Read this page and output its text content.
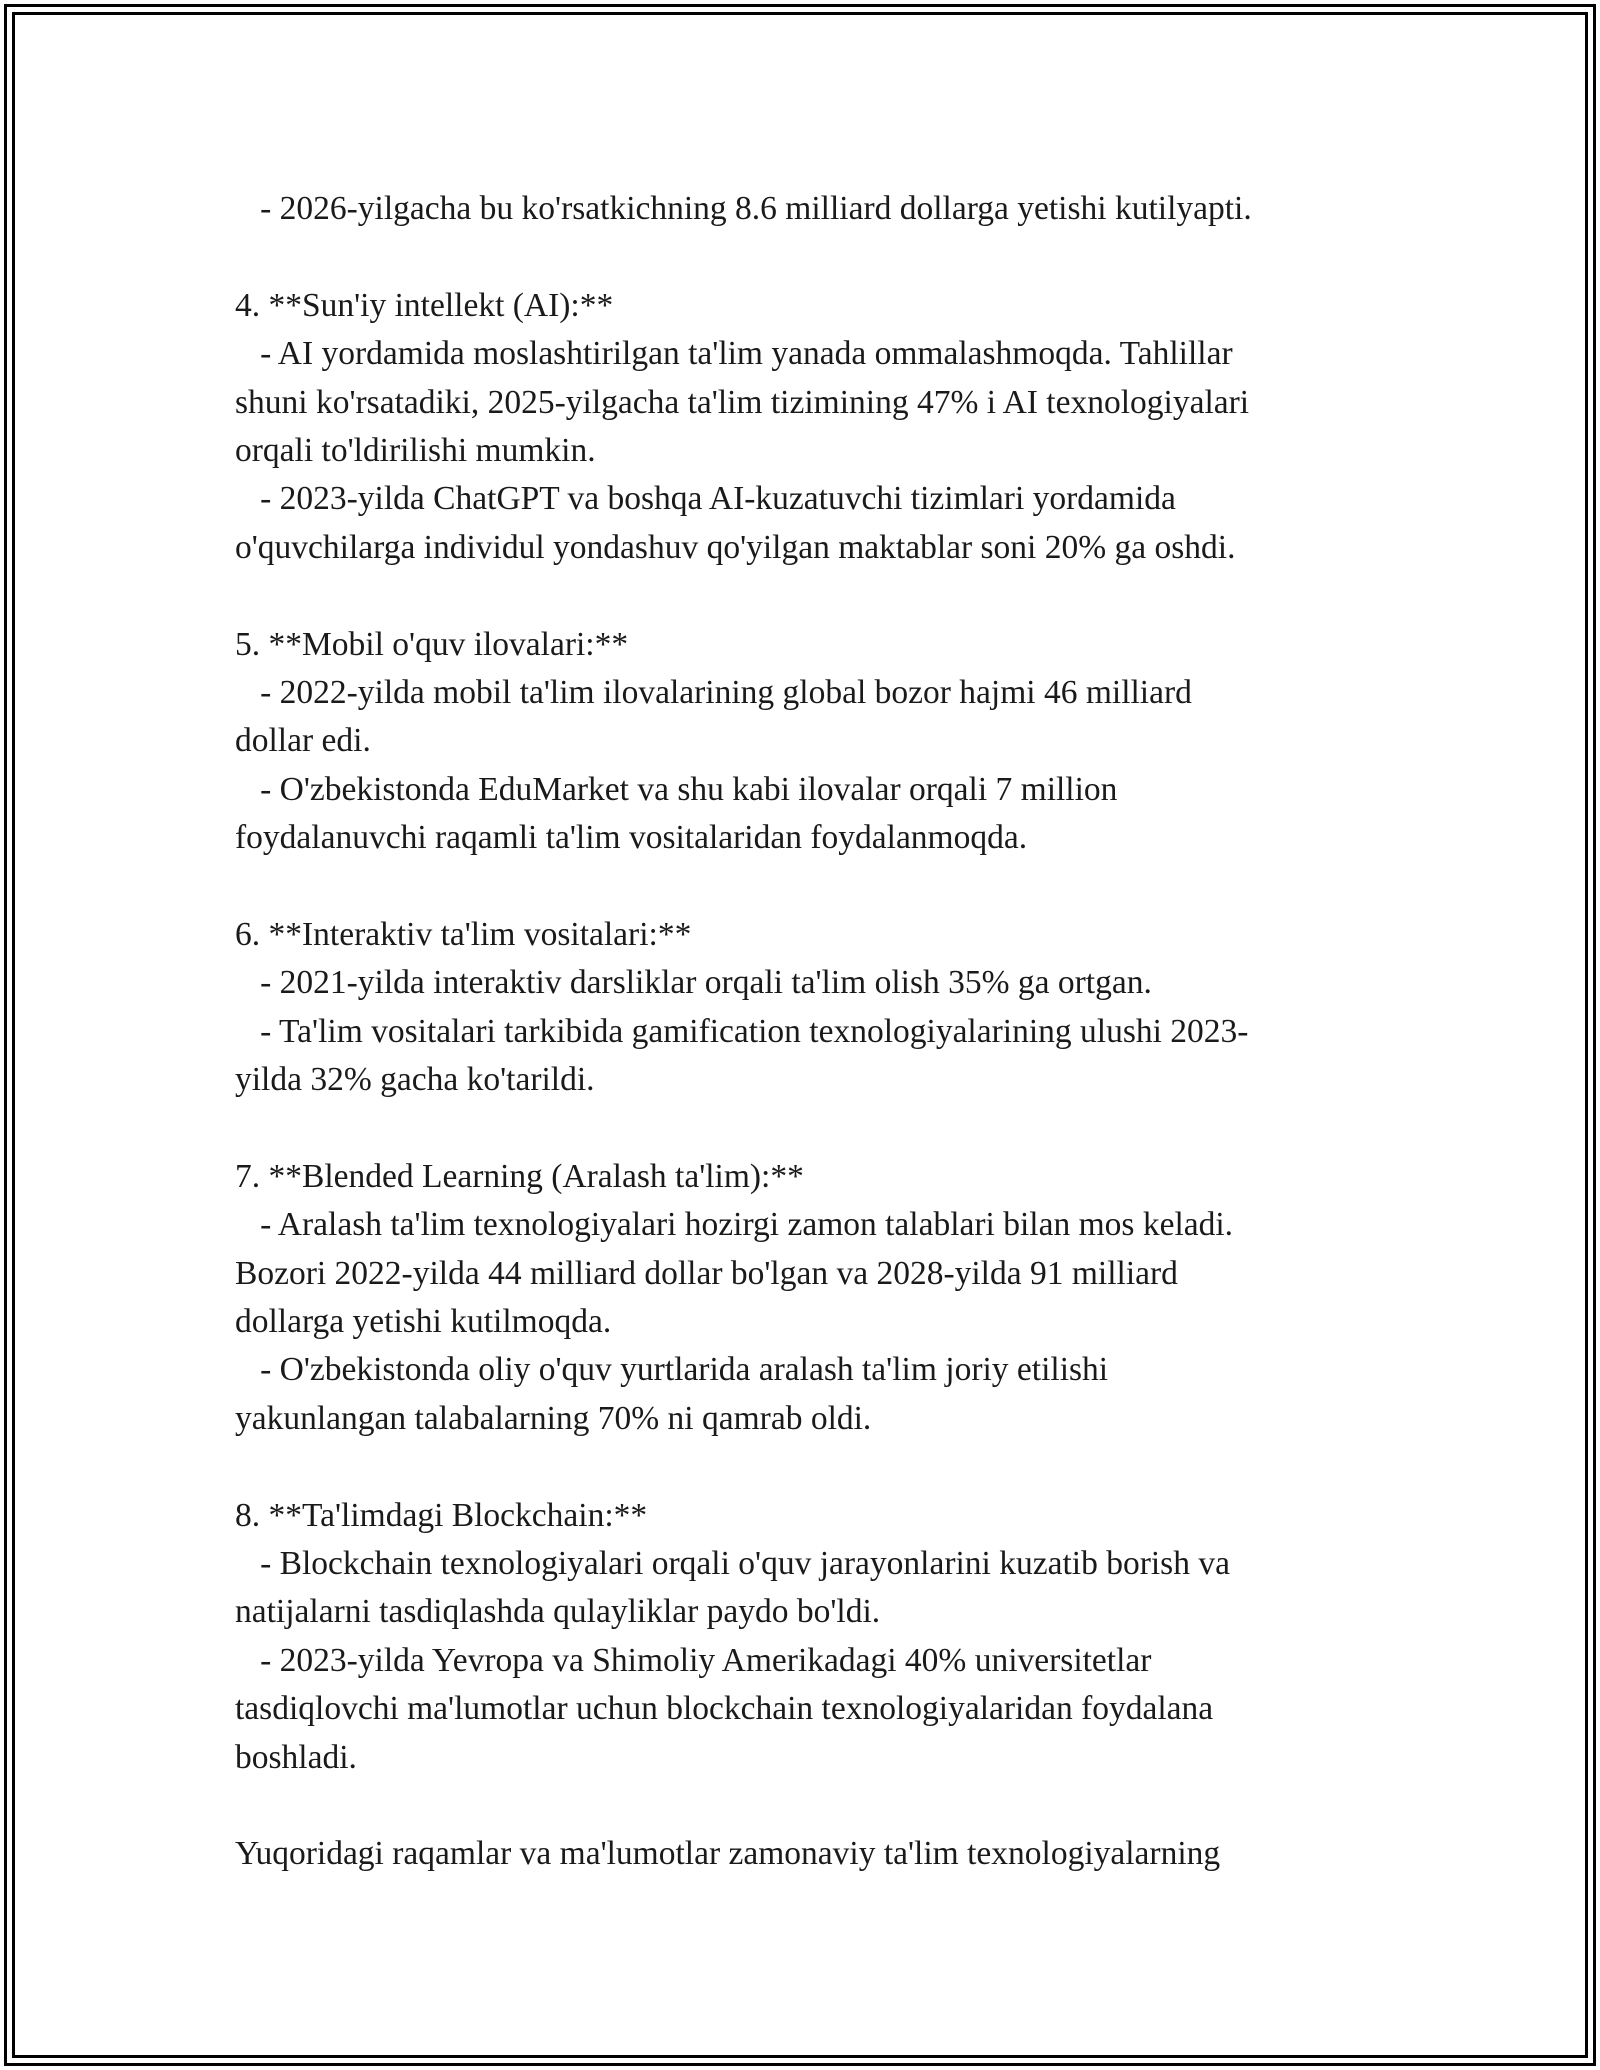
- 2026-yilgacha bu ko'rsatkichning 8.6 milliard dollarga yetishi kutilyapti.
4. **Sun'iy intellekt (AI):**
- AI yordamida moslashtirilgan ta'lim yanada ommalashmoqda. Tahlillar
shuni ko'rsatadiki, 2025-yilgacha ta'lim tizimining 47% i AI texnologiyalari
orqali to'ldirilishi mumkin.
- 2023-yilda ChatGPT va boshqa AI-kuzatuvchi tizimlari yordamida
o'quvchilarga individul yondashuv qo'yilgan maktablar soni 20% ga oshdi.
5. **Mobil o'quv ilovalari:**
- 2022-yilda mobil ta'lim ilovalarining global bozor hajmi 46 milliard
dollar edi.
- O'zbekistonda EduMarket va shu kabi ilovalar orqali 7 million
foydalanuvchi raqamli ta'lim vositalaridan foydalanmoqda.
6. **Interaktiv ta'lim vositalari:**
- 2021-yilda interaktiv darsliklar orqali ta'lim olish 35% ga ortgan.
- Ta'lim vositalari tarkibida gamification texnologiyalarining ulushi 2023-
yilda 32% gacha ko'tarildi.
7. **Blended Learning (Aralash ta'lim):**
- Aralash ta'lim texnologiyalari hozirgi zamon talablari bilan mos keladi.
Bozori 2022-yilda 44 milliard dollar bo'lgan va 2028-yilda 91 milliard
dollarga yetishi kutilmoqda.
- O'zbekistonda oliy o'quv yurtlarida aralash ta'lim joriy etilishi
yakunlangan talabalarning 70% ni qamrab oldi.
8. **Ta'limdagi Blockchain:**
- Blockchain texnologiyalari orqali o'quv jarayonlarini kuzatib borish va
natijalarni tasdiqlashda qulayliklar paydo bo'ldi.
- 2023-yilda Yevropa va Shimoliy Amerikadagi 40% universitetlar
tasdiqlovchi ma'lumotlar uchun blockchain texnologiyalaridan foydalana
boshladi.
Yuqoridagi raqamlar va ma'lumotlar zamonaviy ta'lim texnologiyalarning
